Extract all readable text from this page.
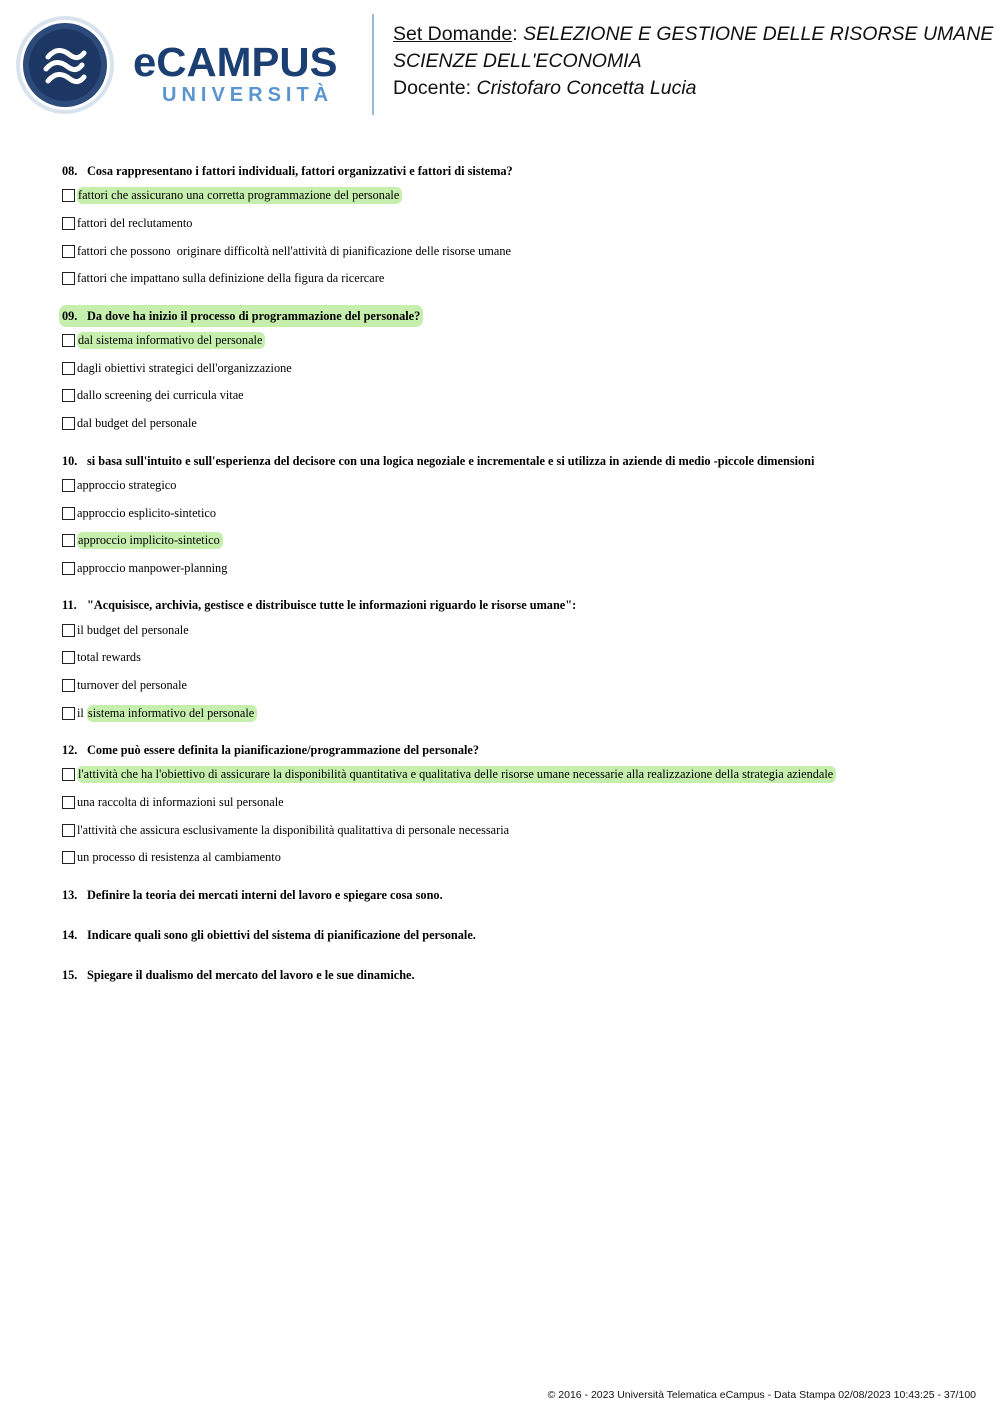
eCAMPUS
UNIVERSITÀ
Set Domande: SELEZIONE E GESTIONE DELLE RISORSE UMANE
SCIENZE DELL'ECONOMIA
Docente: Cristofaro Concetta Lucia
08. Cosa rappresentano i fattori individuali, fattori organizzativi e fattori di sistema?
fattori che assicurano una corretta programmazione del personale
fattori del reclutamento
fattori che possono  originare difficoltà nell'attività di pianificazione delle risorse umane
fattori che impattano sulla definizione della figura da ricercare
09. Da dove ha inizio il processo di programmazione del personale?
dal sistema informativo del personale
dagli obiettivi strategici dell'organizzazione
dallo screening dei curricula vitae
dal budget del personale
10. si basa sull'intuito e sull'esperienza del decisore con una logica negoziale e incrementale e si utilizza in aziende di medio -piccole dimensioni
approccio strategico
approccio esplicito-sintetico
approccio implicito-sintetico
approccio manpower-planning
11. "Acquisisce, archivia, gestisce e distribuisce tutte le informazioni riguardo le risorse umane":
il budget del personale
total rewards
turnover del personale
il sistema informativo del personale
12. Come può essere definita la pianificazione/programmazione del personale?
l'attività che ha l'obiettivo di assicurare la disponibilità quantitativa e qualitativa delle risorse umane necessarie alla realizzazione della strategia aziendale
una raccolta di informazioni sul personale
l'attività che assicura esclusivamente la disponibilità qualitattiva di personale necessaria
un processo di resistenza al cambiamento
13. Definire la teoria dei mercati interni del lavoro e spiegare cosa sono.
14. Indicare quali sono gli obiettivi del sistema di pianificazione del personale.
15. Spiegare il dualismo del mercato del lavoro e le sue dinamiche.
© 2016 - 2023 Università Telematica eCampus - Data Stampa 02/08/2023 10:43:25 - 37/100
